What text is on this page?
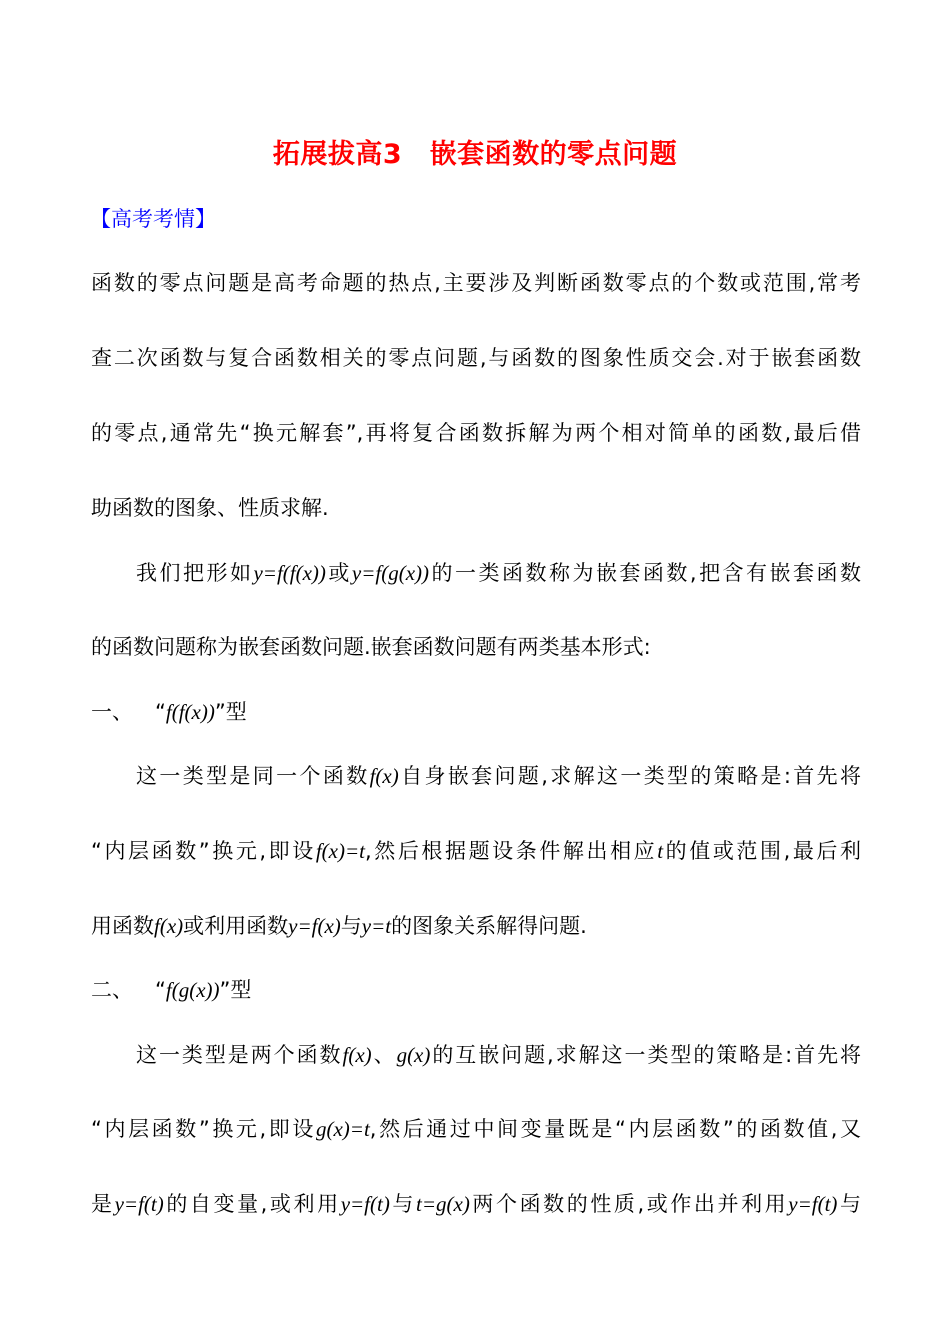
拓展拔高3　嵌套函数的零点问题
【高考考情】
函数的零点问题是高考命题的热点,主要涉及判断函数零点的个数或范围,常考
查二次函数与复合函数相关的零点问题,与函数的图象性质交会.对于嵌套函数
的零点,通常先“换元解套”,再将复合函数拆解为两个相对简单的函数,最后借
助函数的图象、性质求解.
我们把形如y=f(f(x))或y=f(g(x))的一类函数称为嵌套函数,把含有嵌套函数
的函数问题称为嵌套函数问题.嵌套函数问题有两类基本形式:
一、 “f(f(x))”型
这一类型是同一个函数f(x)自身嵌套问题,求解这一类型的策略是:首先将
“内层函数”换元,即设f(x)=t,然后根据题设条件解出相应t的值或范围,最后利
用函数f(x)或利用函数y=f(x)与y=t的图象关系解得问题.
二、 “f(g(x))”型
这一类型是两个函数f(x)、g(x)的互嵌问题,求解这一类型的策略是:首先将
“内层函数”换元,即设g(x)=t,然后通过中间变量既是“内层函数”的函数值,又
是y=f(t)的自变量,或利用y=f(t)与t=g(x)两个函数的性质,或作出并利用y=f(t)与
